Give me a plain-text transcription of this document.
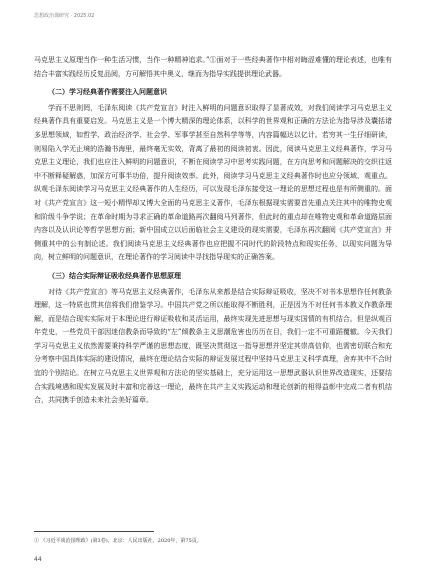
思想政治课研究 · 2025.02

马克思主义原理当作一种生活习惯，当作一种精神追求。”①面对于一些经典著作中相对晦涩难懂的理论表述，也唯有结合丰富实践经历反复品阅，方可解悟其中奥义，继而为指导实践提供理论武器。

（二）学习经典著作需要注入问题意识

学而不思则罔，毛泽东阅读《共产党宣言》时注入鲜明的问题意识取得了显著成效，对我们阅读学习马克思主义经典著作具有重要启发。马克思主义是一个博大精深的理论体系，以科学的世界观和正确的方法论为指导涉及囊括诸多思想领域，如哲学、政治经济学、社会学、军事学甚至自然科学等等，内容篇幅达以亿计。若穷其一生仔细研读，则易陷入学无止境的浩瀚书海里，最终毫无实效，背离了最初的阅读初衷。因此，阅读马克思主义经典著作，学习马克思主义理论，我们也应注入鲜明的问题意识，不断在阅读学习中思考实践问题，在方向思考和问题解决的交织往返中不断释疑解惑，加深方可事半功倍，提升阅读效率。此外，阅读学习马克思主义经典著作时也应分领域、观重点。纵观毛泽东阅读学习马克思主义经典著作的人生经历，可以发现毛泽东接受这一理论的思想过程也是有所侧重的。面对《共产党宣言》这一短小精悍却又博大全面的马克思主义著作，毛泽东根据现实需要首先重点关注其中的唯物史观和阶级斗争学说；在革命时期为寻求正确的革命道路再次翻阅马列著作，但此时的重点却在唯物史观和革命道路层面内容以及认识论等哲学思想方面；新中国成立以后面临社会主义建设的现实需要，毛泽东再次翻阅《共产党宣言》并侧重其中的公有制论述。我们阅读马克思主义经典著作也应把握不同时代的阶段特点和现实任务，以现实问题为导向，树立鲜明的问题意识，在理论著作的学习阅读中寻找指导现实的正确答案。

（三）结合实际辩证吸收经典著作思想原理

对待《共产党宣言》等马克思主义经典著作，毛泽东从来都是结合实际辩证吸收，坚决不对书本思想作任何教条理解，这一特质也贯其信将我们借鉴学习。中国共产党之所以能取得不断胜利，正是因为不对任何书本教义作教条理解，而是结合现实实际对于本理论进行辩证吸收和灵活运用，最终实现先进思想与现实国情的有机结合。但是纵观百年党史，一些党员干部因迷信教条而导致的“左”倾教条主义思潮危害也历历在目，我们一定不可重蹈覆辙。今天我们学习马克思主义依然需要秉持科学严谨的思想态度，既坚决贯彻这一指导思想并坚定其崇高信仰，也需密切联合和充分考察中国具体实际的建设情况，最终在理论结合实际的辩证发展过程中坚持马克思主义科学真理，舍弃其中不合时宜的个别结论。在树立马克思主义世界观和方法论的坚实基础上，充分运用这一思想武器认识世界改造现实，还要结合实践境遇和现实发展及时丰富和完善这一理论，最终在共产主义实践运动和理论创新的相得益彰中完成二者有机结合，共同携手创造未来社会美好篇章。

① 《习近平谈治国理政》(第3卷)，北京：人民出版社，2020年，第75页。
44
